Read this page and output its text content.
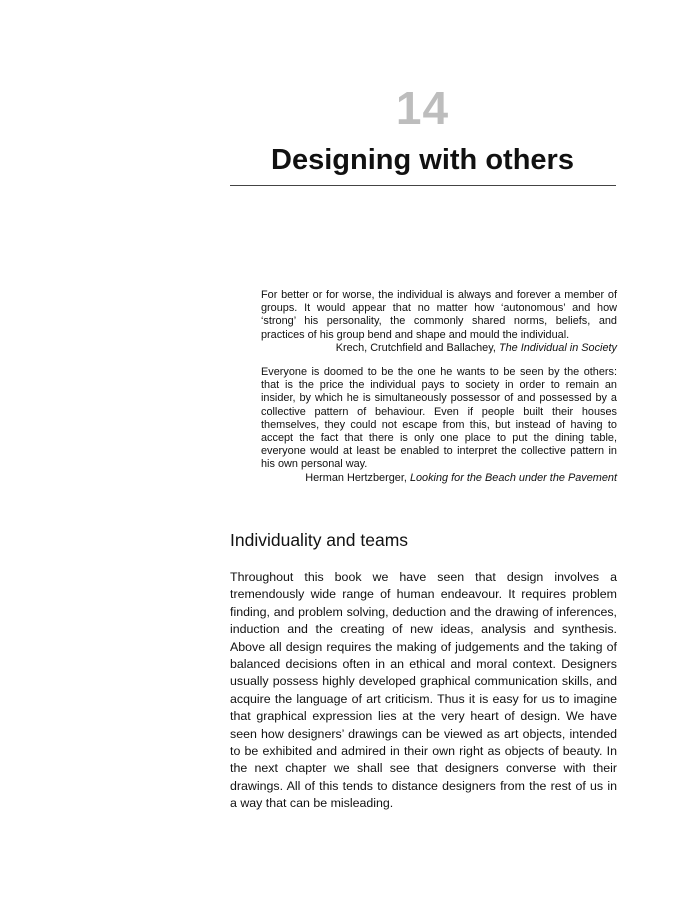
14
Designing with others

For better or for worse, the individual is always and forever a member of groups. It would appear that no matter how ‘autonomous’ and how ‘strong’ his personality, the commonly shared norms, beliefs, and practices of his group bend and shape and mould the individual.

Krech, Crutchfield and Ballachey, The Individual in Society

Everyone is doomed to be the one he wants to be seen by the others: that is the price the individual pays to society in order to remain an insider, by which he is simultaneously possessor of and possessed by a collective pattern of behaviour. Even if people built their houses themselves, they could not escape from this, but instead of having to accept the fact that there is only one place to put the dining table, everyone would at least be enabled to interpret the collective pattern in his own personal way.

Herman Hertzberger, Looking for the Beach under the Pavement

Individuality and teams

Throughout this book we have seen that design involves a tremendously wide range of human endeavour. It requires problem finding, and problem solving, deduction and the drawing of inferences, induction and the creating of new ideas, analysis and synthesis. Above all design requires the making of judgements and the taking of balanced decisions often in an ethical and moral context. Designers usually possess highly developed graphical communication skills, and acquire the language of art criticism. Thus it is easy for us to imagine that graphical expression lies at the very heart of design. We have seen how designers’ drawings can be viewed as art objects, intended to be exhibited and admired in their own right as objects of beauty. In the next chapter we shall see that designers converse with their drawings. All of this tends to distance designers from the rest of us in a way that can be misleading.
